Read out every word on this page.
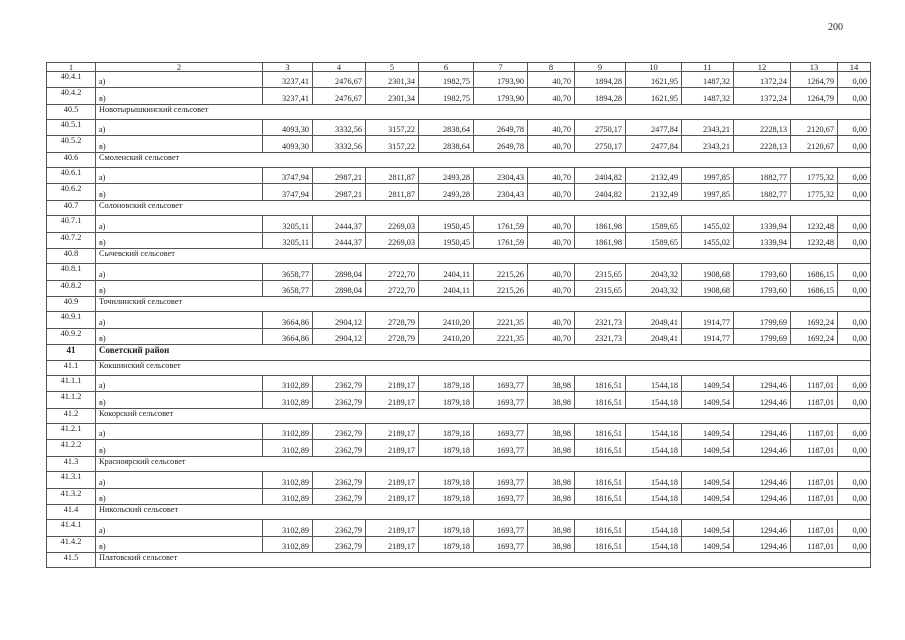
200
1	2	3	4	5	6	7	8	9	10	11	12	13	14
40.4.1	а)	3237,41	2476,67	2301,34	1982,75	1793,90	40,70	1894,28	1621,95	1487,32	1372,24	1264,79	0,00
40.4.2	в)	3237,41	2476,67	2301,34	1982,75	1793,90	40,70	1894,28	1621,95	1487,32	1372,24	1264,79	0,00
40.5	Новотырышкинский сельсовет												
40.5.1	а)	4093,30	3332,56	3157,22	2838,64	2649,78	40,70	2750,17	2477,84	2343,21	2228,13	2120,67	0,00
40.5.2	в)	4093,30	3332,56	3157,22	2838,64	2649,78	40,70	2750,17	2477,84	2343,21	2228,13	2120,67	0,00
40.6	Смоленский сельсовет												
40.6.1	а)	3747,94	2987,21	2811,87	2493,28	2304,43	40,70	2404,82	2132,49	1997,85	1882,77	1775,32	0,00
40.6.2	в)	3747,94	2987,21	2811,87	2493,28	2304,43	40,70	2404,82	2132,49	1997,85	1882,77	1775,32	0,00
40.7	Солоновский сельсовет												
40.7.1	а)	3205,11	2444,37	2269,03	1950,45	1761,59	40,70	1861,98	1589,65	1455,02	1339,94	1232,48	0,00
40.7.2	в)	3205,11	2444,37	2269,03	1950,45	1761,59	40,70	1861,98	1589,65	1455,02	1339,94	1232,48	0,00
40.8	Сычевский сельсовет												
40.8.1	а)	3658,77	2898,04	2722,70	2404,11	2215,26	40,70	2315,65	2043,32	1908,68	1793,60	1686,15	0,00
40.8.2	в)	3658,77	2898,04	2722,70	2404,11	2215,26	40,70	2315,65	2043,32	1908,68	1793,60	1686,15	0,00
40.9	Точилинский сельсовет												
40.9.1	а)	3664,86	2904,12	2728,79	2410,20	2221,35	40,70	2321,73	2049,41	1914,77	1799,69	1692,24	0,00
40.9.2	в)	3664,86	2904,12	2728,79	2410,20	2221,35	40,70	2321,73	2049,41	1914,77	1799,69	1692,24	0,00
41	Советский район												
41.1	Кокшинский сельсовет												
41.1.1	а)	3102,89	2362,79	2189,17	1879,18	1693,77	38,98	1816,51	1544,18	1409,54	1294,46	1187,01	0,00
41.1.2	в)	3102,89	2362,79	2189,17	1879,18	1693,77	38,98	1816,51	1544,18	1409,54	1294,46	1187,01	0,00
41.2	Кокорский сельсовет												
41.2.1	а)	3102,89	2362,79	2189,17	1879,18	1693,77	38,98	1816,51	1544,18	1409,54	1294,46	1187,01	0,00
41.2.2	в)	3102,89	2362,79	2189,17	1879,18	1693,77	38,98	1816,51	1544,18	1409,54	1294,46	1187,01	0,00
41.3	Красноярский сельсовет												
41.3.1	а)	3102,89	2362,79	2189,17	1879,18	1693,77	38,98	1816,51	1544,18	1409,54	1294,46	1187,01	0,00
41.3.2	в)	3102,89	2362,79	2189,17	1879,18	1693,77	38,98	1816,51	1544,18	1409,54	1294,46	1187,01	0,00
41.4	Никольский сельсовет												
41.4.1	а)	3102,89	2362,79	2189,17	1879,18	1693,77	38,98	1816,51	1544,18	1409,54	1294,46	1187,01	0,00
41.4.2	в)	3102,89	2362,79	2189,17	1879,18	1693,77	38,98	1816,51	1544,18	1409,54	1294,46	1187,01	0,00
41.5	Платовский сельсовет												
